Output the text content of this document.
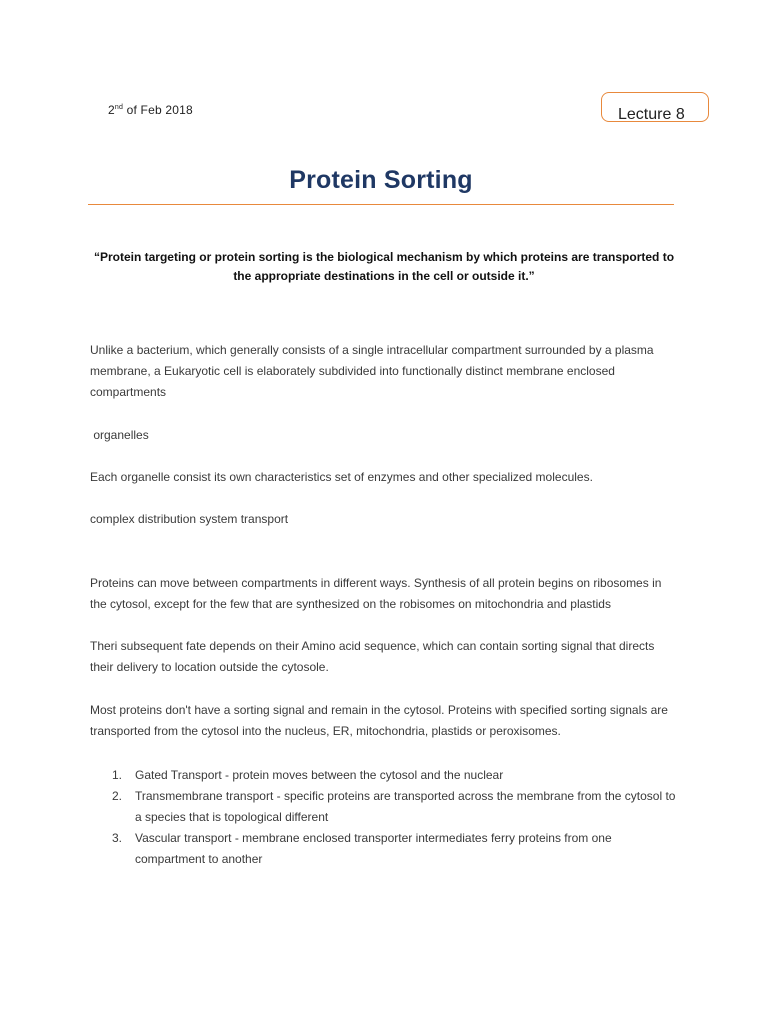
2nd of Feb 2018	Lecture 8
Protein Sorting
“Protein targeting or protein sorting is the biological mechanism by which proteins are transported to the appropriate destinations in the cell or outside it.”
Unlike a bacterium, which generally consists of a single intracellular compartment surrounded by a plasma membrane, a Eukaryotic cell is elaborately subdivided into functionally distinct membrane enclosed compartments
organelles
Each organelle consist its own characteristics set of enzymes and other specialized molecules.
complex distribution system transport
Proteins can move between compartments in different ways. Synthesis of all protein begins on ribosomes in the cytosol, except for the few that are synthesized on the robisomes on mitochondria and plastids
Theri subsequent fate depends on their Amino acid sequence, which can contain sorting signal that directs their delivery to location outside the cytosole.
Most proteins don't have a sorting signal and remain in the cytosol. Proteins with specified sorting signals are transported from the cytosol into the nucleus, ER, mitochondria, plastids or peroxisomes.
1. Gated Transport - protein moves between the cytosol and the nuclear
2. Transmembrane transport - specific proteins are transported across the membrane from the cytosol to a species that is topological different
3. Vascular transport - membrane enclosed transporter intermediates ferry proteins from one compartment to another
